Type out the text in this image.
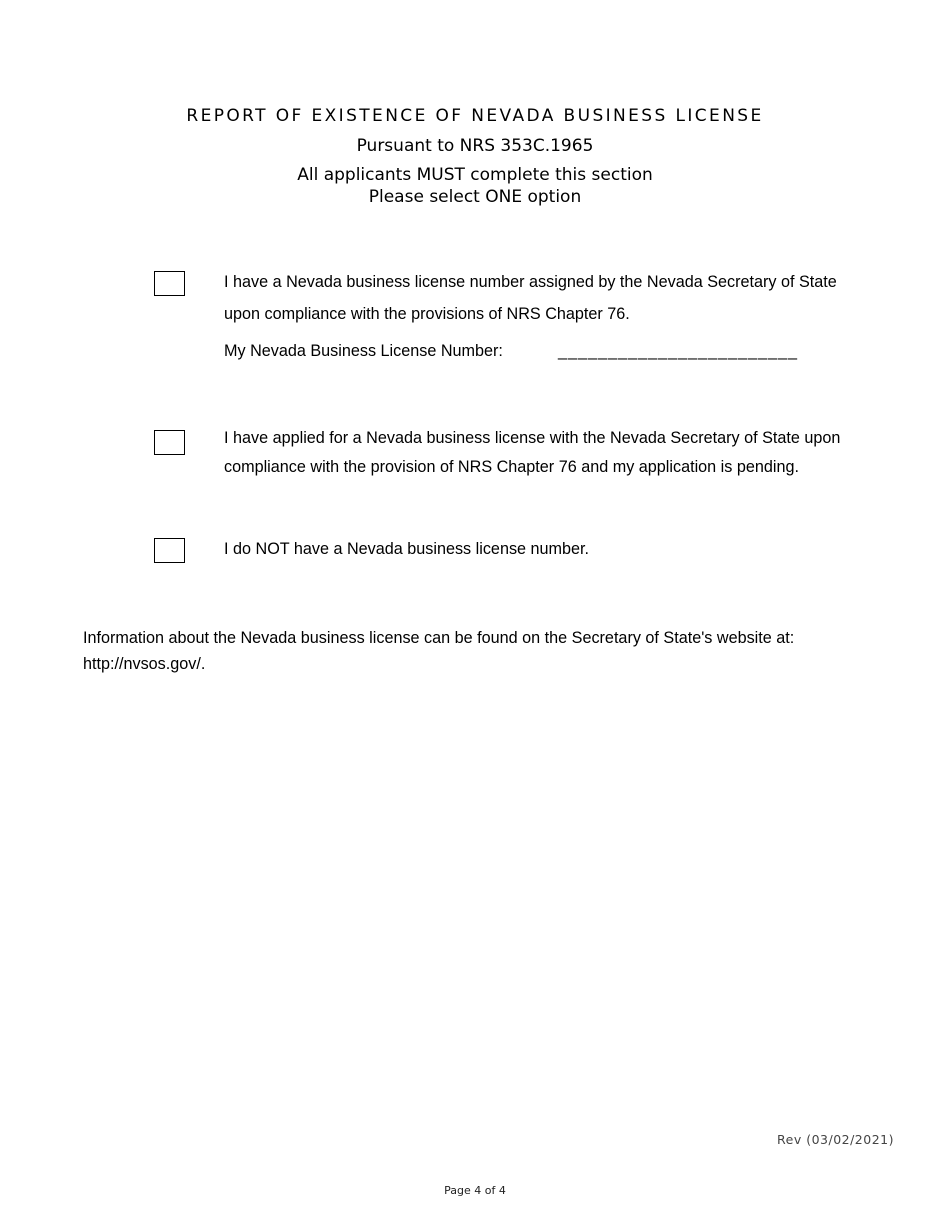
REPORT OF EXISTENCE OF NEVADA BUSINESS LICENSE
Pursuant to NRS 353C.1965
All applicants MUST complete this section
Please select ONE option
I have a Nevada business license number assigned by the Nevada Secretary of State upon compliance with the provisions of NRS Chapter 76.
My Nevada Business License Number:	________________________
I have applied for a Nevada business license with the Nevada Secretary of State upon compliance with the provision of NRS Chapter 76 and my application is pending.
I do NOT have a Nevada business license number.
Information about the Nevada business license can be found on the Secretary of State's website at: http://nvsos.gov/.
Rev (03/02/2021)
Page 4 of 4
